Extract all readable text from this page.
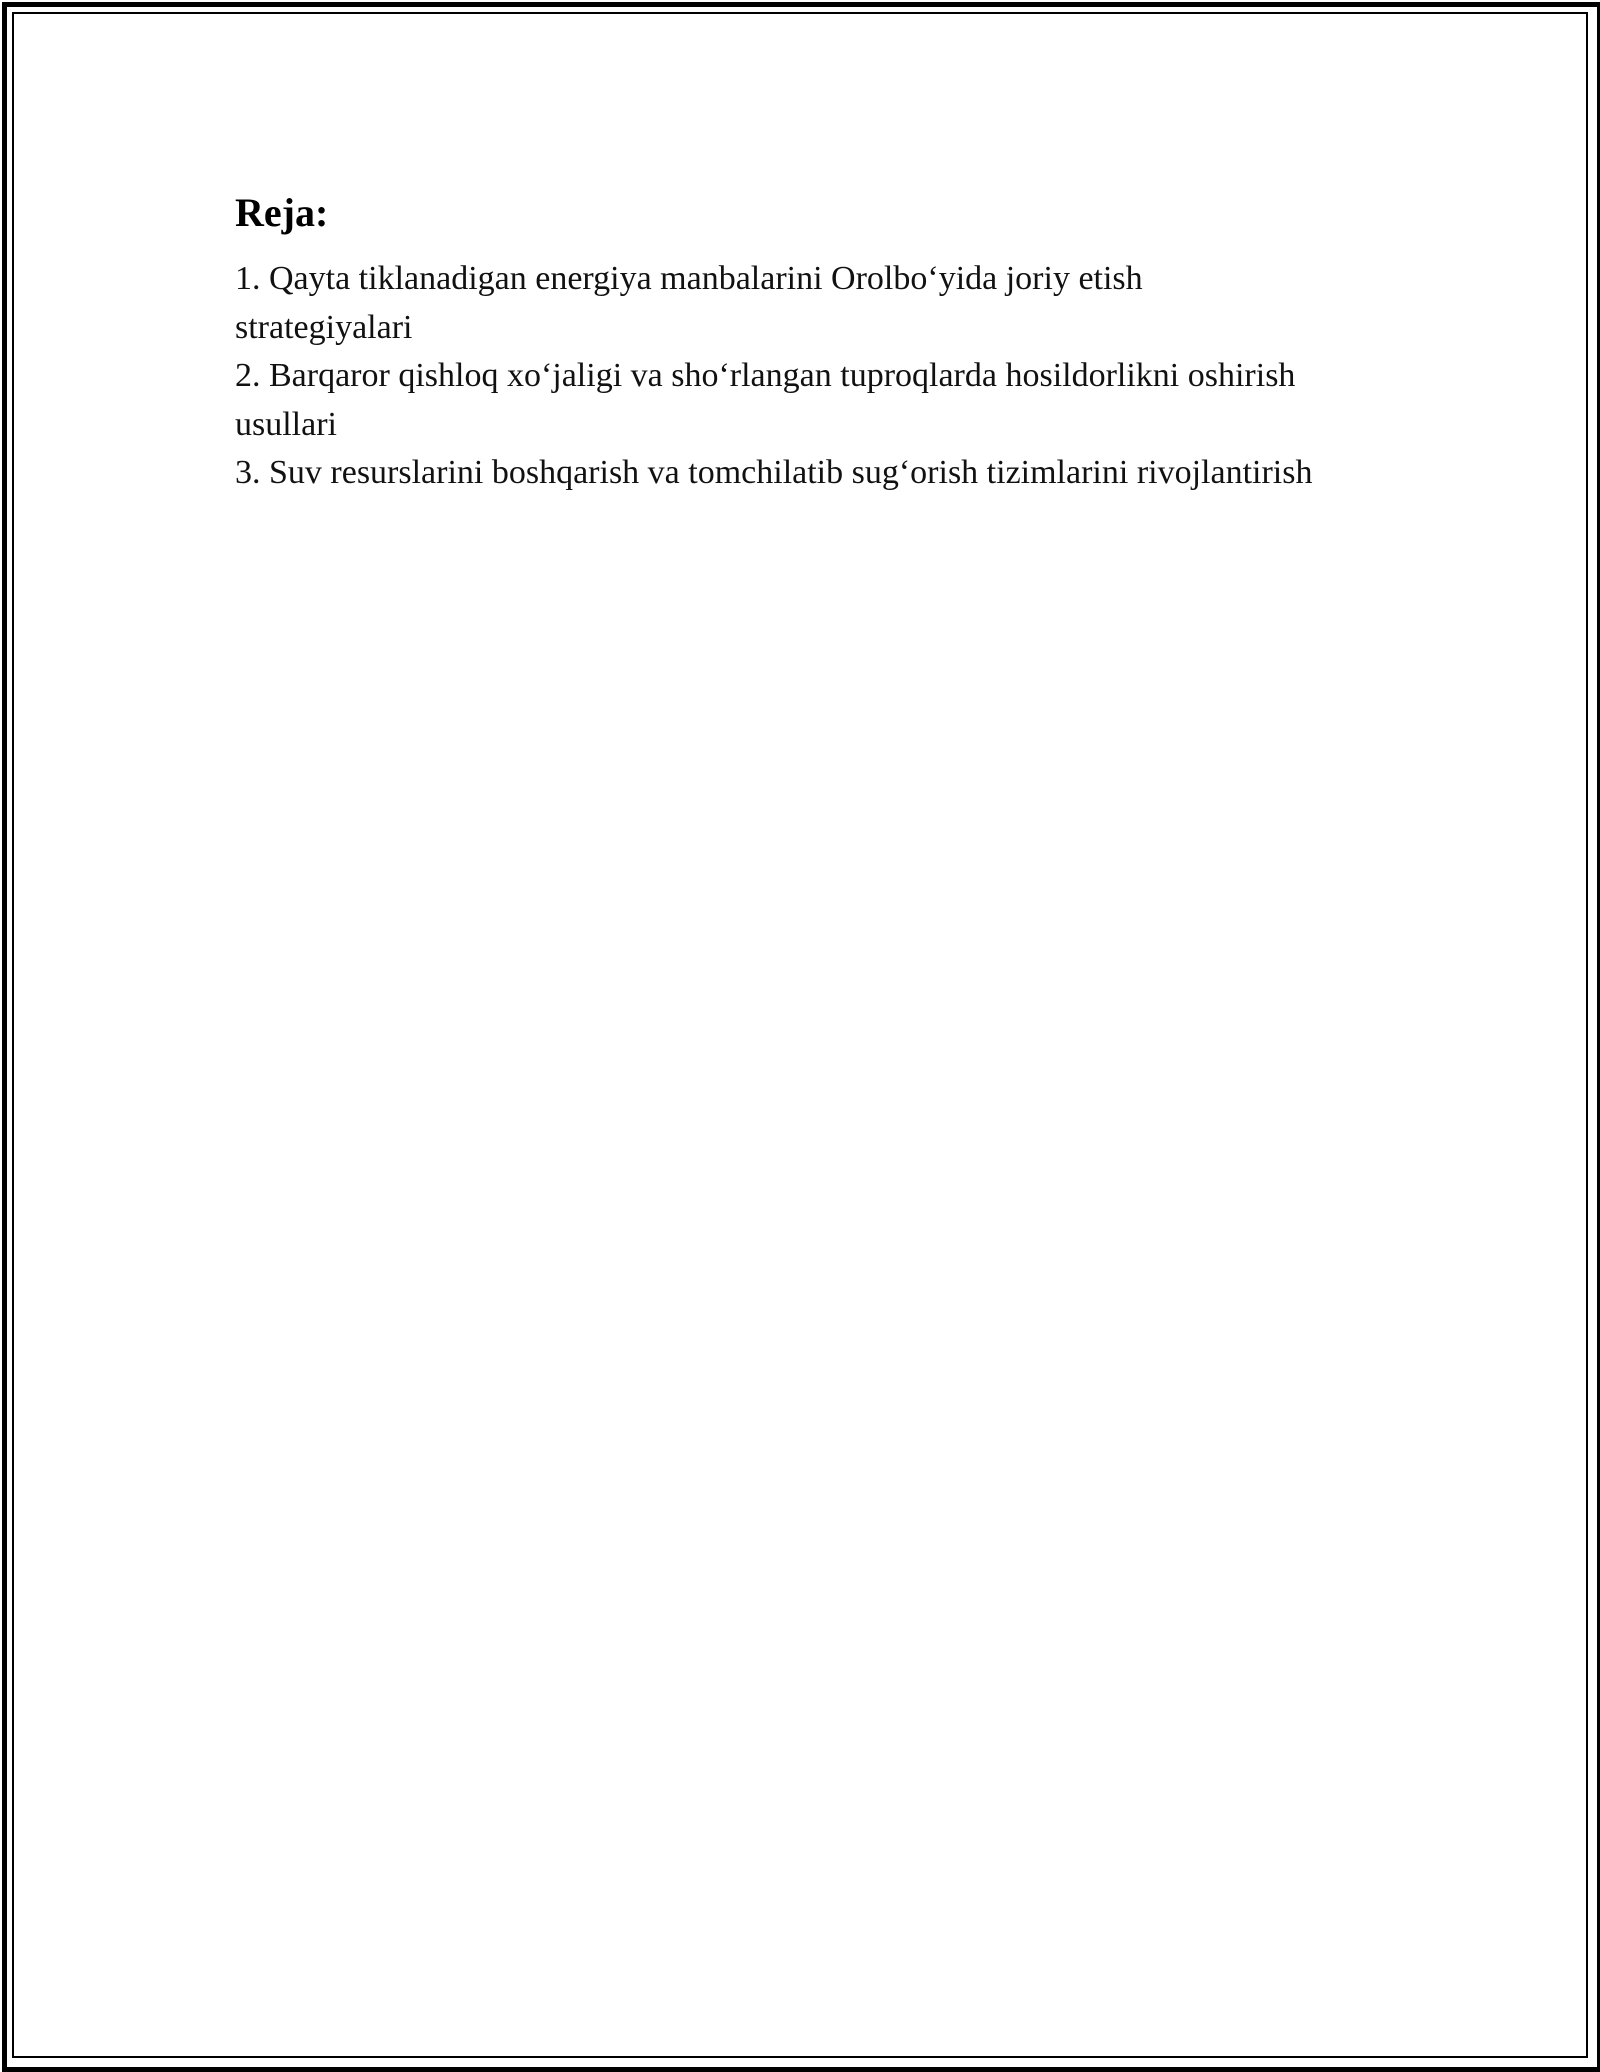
Reja:
1. Qayta tiklanadigan energiya manbalarini Orolbo‘yida joriy etish strategiyalari
2. Barqaror qishloq xo‘jaligi va sho‘rlangan tuproqlarda hosildorlikni oshirish usullari
3. Suv resurslarini boshqarish va tomchilatib sug‘orish tizimlarini rivojlantirish
